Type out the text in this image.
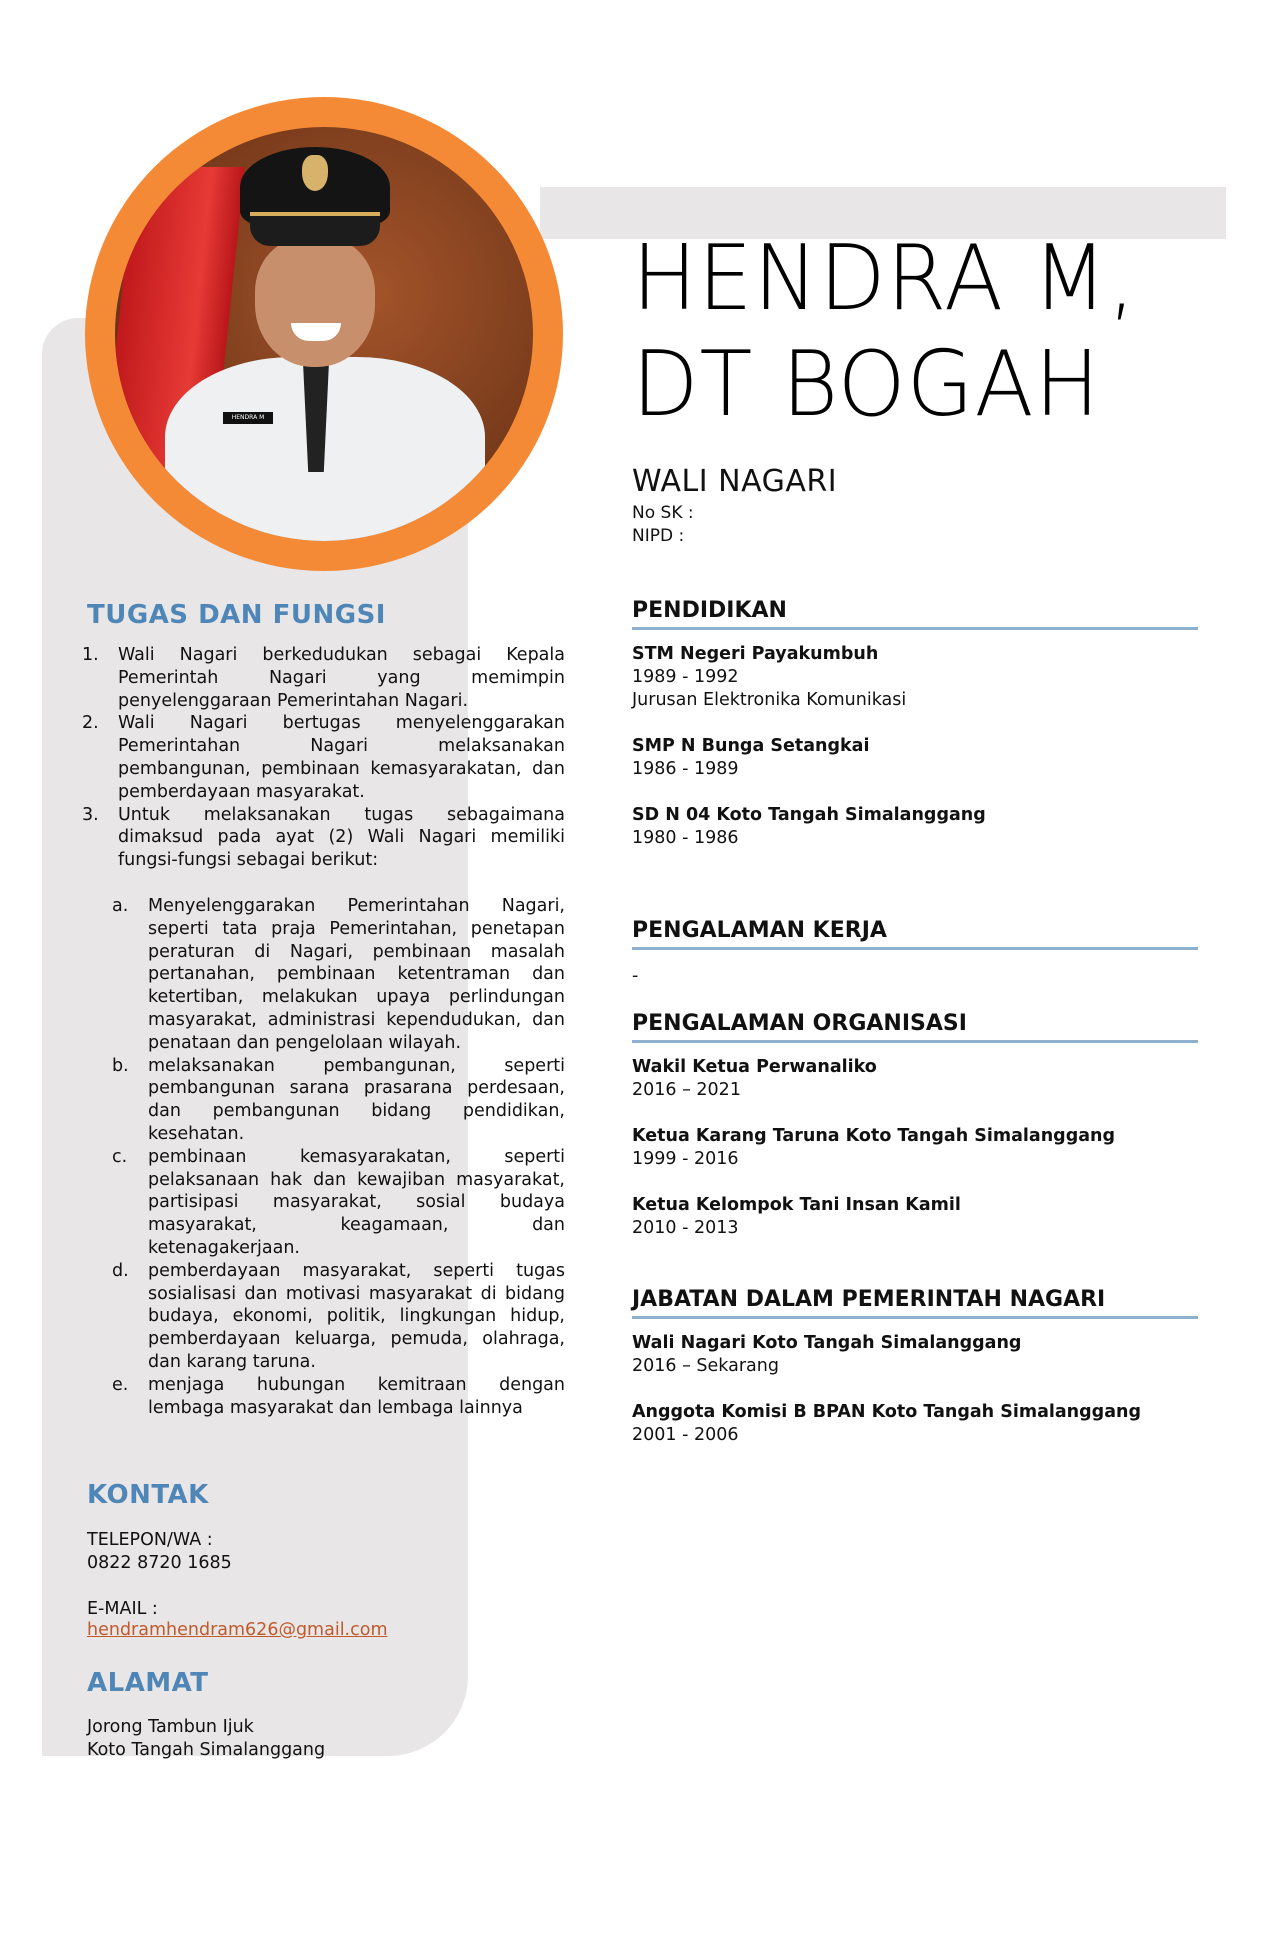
HENDRA M
HENDRA M,
DT BOGAH
WALI NAGARI
No SK :
NIPD :
TUGAS DAN FUNGSI
1.	Wali Nagari berkedudukan sebagai Kepala Pemerintah Nagari yang memimpin penyelenggaraan Pemerintahan Nagari.
2.	Wali Nagari bertugas menyelenggarakan Pemerintahan Nagari melaksanakan pembangunan, pembinaan kemasyarakatan, dan pemberdayaan masyarakat.
3.	Untuk melaksanakan tugas sebagaimana dimaksud pada ayat (2) Wali Nagari memiliki fungsi-fungsi sebagai berikut:
a.	Menyelenggarakan Pemerintahan Nagari, seperti tata praja Pemerintahan, penetapan peraturan di Nagari, pembinaan masalah pertanahan, pembinaan ketentraman dan ketertiban, melakukan upaya perlindungan masyarakat, administrasi kependudukan, dan penataan dan pengelolaan wilayah.
b.	melaksanakan pembangunan, seperti pembangunan sarana prasarana perdesaan, dan pembangunan bidang pendidikan, kesehatan.
c.	pembinaan kemasyarakatan, seperti pelaksanaan hak dan kewajiban masyarakat, partisipasi masyarakat, sosial budaya masyarakat, keagamaan, dan ketenagakerjaan.
d.	pemberdayaan masyarakat, seperti tugas sosialisasi dan motivasi masyarakat di bidang budaya, ekonomi, politik, lingkungan hidup, pemberdayaan keluarga, pemuda, olahraga, dan karang taruna.
e.	menjaga hubungan kemitraan dengan lembaga masyarakat dan lembaga lainnya
KONTAK
TELEPON/WA :
0822 8720 1685
E-MAIL :
hendramhendram626@gmail.com
ALAMAT
Jorong Tambun Ijuk
Koto Tangah Simalanggang
PENDIDIKAN
STM Negeri Payakumbuh
1989 - 1992
Jurusan Elektronika Komunikasi
SMP N Bunga Setangkai
1986 - 1989
SD N 04 Koto Tangah Simalanggang
1980 - 1986
PENGALAMAN KERJA
-
PENGALAMAN ORGANISASI
Wakil Ketua Perwanaliko
2016 – 2021
Ketua Karang Taruna Koto Tangah Simalanggang
1999 - 2016
Ketua Kelompok Tani Insan Kamil
2010 - 2013
JABATAN DALAM PEMERINTAH NAGARI
Wali Nagari Koto Tangah Simalanggang
2016 – Sekarang
Anggota Komisi B BPAN Koto Tangah Simalanggang
2001 - 2006
